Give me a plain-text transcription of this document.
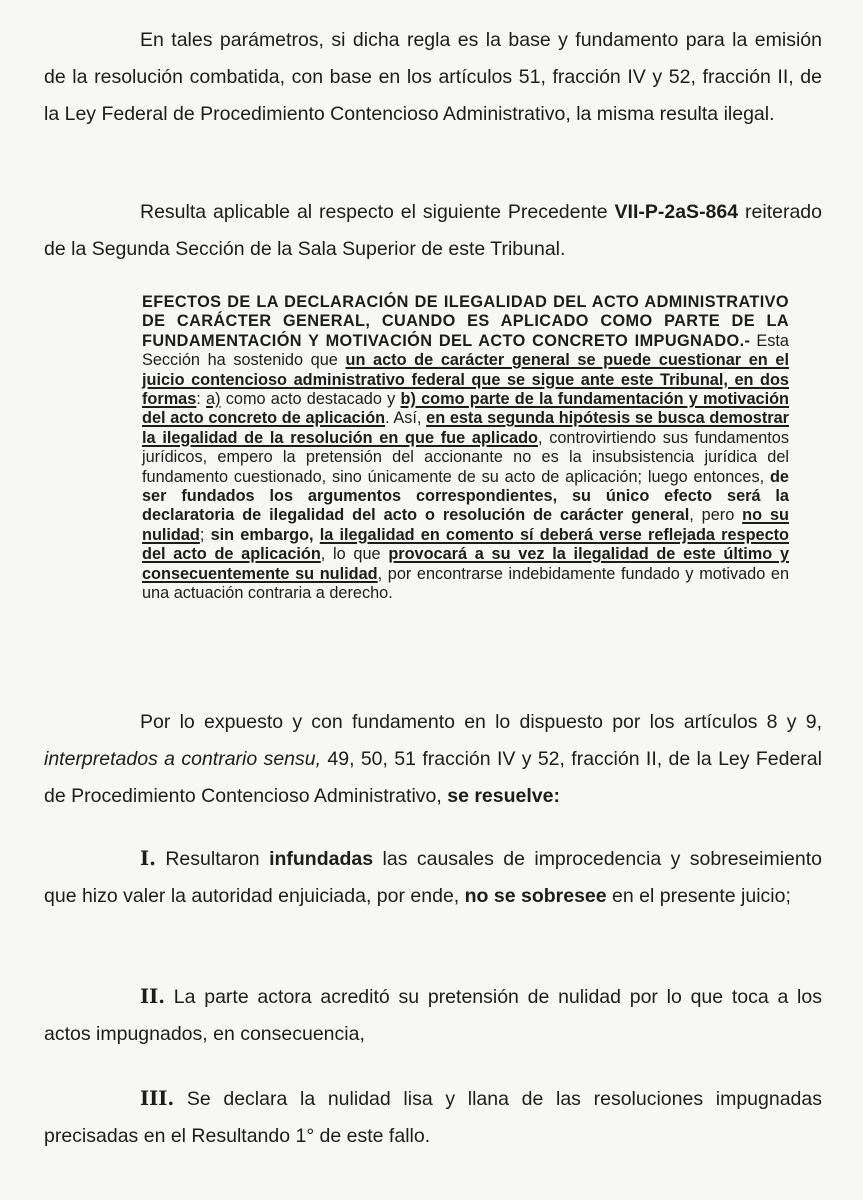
En tales parámetros, si dicha regla es la base y fundamento para la emisión de la resolución combatida, con base en los artículos 51, fracción IV y 52, fracción II, de la Ley Federal de Procedimiento Contencioso Administrativo, la misma resulta ilegal.

Resulta aplicable al respecto el siguiente Precedente VII-P-2aS-864 reiterado de la Segunda Sección de la Sala Superior de este Tribunal.

EFECTOS DE LA DECLARACIÓN DE ILEGALIDAD DEL ACTO ADMINISTRATIVO DE CARÁCTER GENERAL, CUANDO ES APLICADO COMO PARTE DE LA FUNDAMENTACIÓN Y MOTIVACIÓN DEL ACTO CONCRETO IMPUGNADO.- Esta Sección ha sostenido que un acto de carácter general se puede cuestionar en el juicio contencioso administrativo federal que se sigue ante este Tribunal, en dos formas: a) como acto destacado y b) como parte de la fundamentación y motivación del acto concreto de aplicación. Así, en esta segunda hipótesis se busca demostrar la ilegalidad de la resolución en que fue aplicado, controvirtiendo sus fundamentos jurídicos, empero la pretensión del accionante no es la insubsistencia jurídica del fundamento cuestionado, sino únicamente de su acto de aplicación; luego entonces, de ser fundados los argumentos correspondientes, su único efecto será la declaratoria de ilegalidad del acto o resolución de carácter general, pero no su nulidad; sin embargo, la ilegalidad en comento sí deberá verse reflejada respecto del acto de aplicación, lo que provocará a su vez la ilegalidad de este último y consecuentemente su nulidad, por encontrarse indebidamente fundado y motivado en una actuación contraria a derecho.

Por lo expuesto y con fundamento en lo dispuesto por los artículos 8 y 9, interpretados a contrario sensu, 49, 50, 51 fracción IV y 52, fracción II, de la Ley Federal de Procedimiento Contencioso Administrativo, se resuelve:

I. Resultaron infundadas las causales de improcedencia y sobreseimiento que hizo valer la autoridad enjuiciada, por ende, no se sobresee en el presente juicio;

II. La parte actora acreditó su pretensión de nulidad por lo que toca a los actos impugnados, en consecuencia,

III. Se declara la nulidad lisa y llana de las resoluciones impugnadas precisadas en el Resultando 1° de este fallo.
